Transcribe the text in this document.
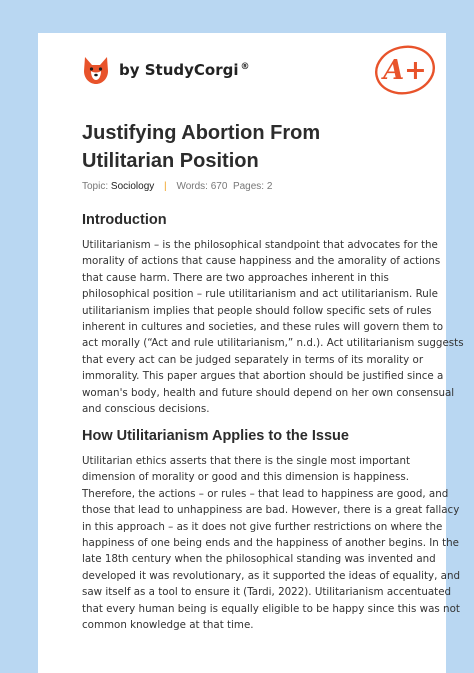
by StudyCorgi ®	A+
Justifying Abortion From
Utilitarian Position
Topic: Sociology | Words: 670 Pages: 2
Introduction
Utilitarianism – is the philosophical standpoint that advocates for the
morality of actions that cause happiness and the amorality of actions
that cause harm. There are two approaches inherent in this
philosophical position – rule utilitarianism and act utilitarianism. Rule
utilitarianism implies that people should follow specific sets of rules
inherent in cultures and societies, and these rules will govern them to
act morally (“Act and rule utilitarianism,” n.d.). Act utilitarianism suggests
that every act can be judged separately in terms of its morality or
immorality. This paper argues that abortion should be justified since a
woman's body, health and future should depend on her own consensual
and conscious decisions.
How Utilitarianism Applies to the Issue
Utilitarian ethics asserts that there is the single most important
dimension of morality or good and this dimension is happiness.
Therefore, the actions – or rules – that lead to happiness are good, and
those that lead to unhappiness are bad. However, there is a great fallacy
in this approach – as it does not give further restrictions on where the
happiness of one being ends and the happiness of another begins. In the
late 18th century when the philosophical standing was invented and
developed it was revolutionary, as it supported the ideas of equality, and
saw itself as a tool to ensure it (Tardi, 2022). Utilitarianism accentuated
that every human being is equally eligible to be happy since this was not
common knowledge at that time.
